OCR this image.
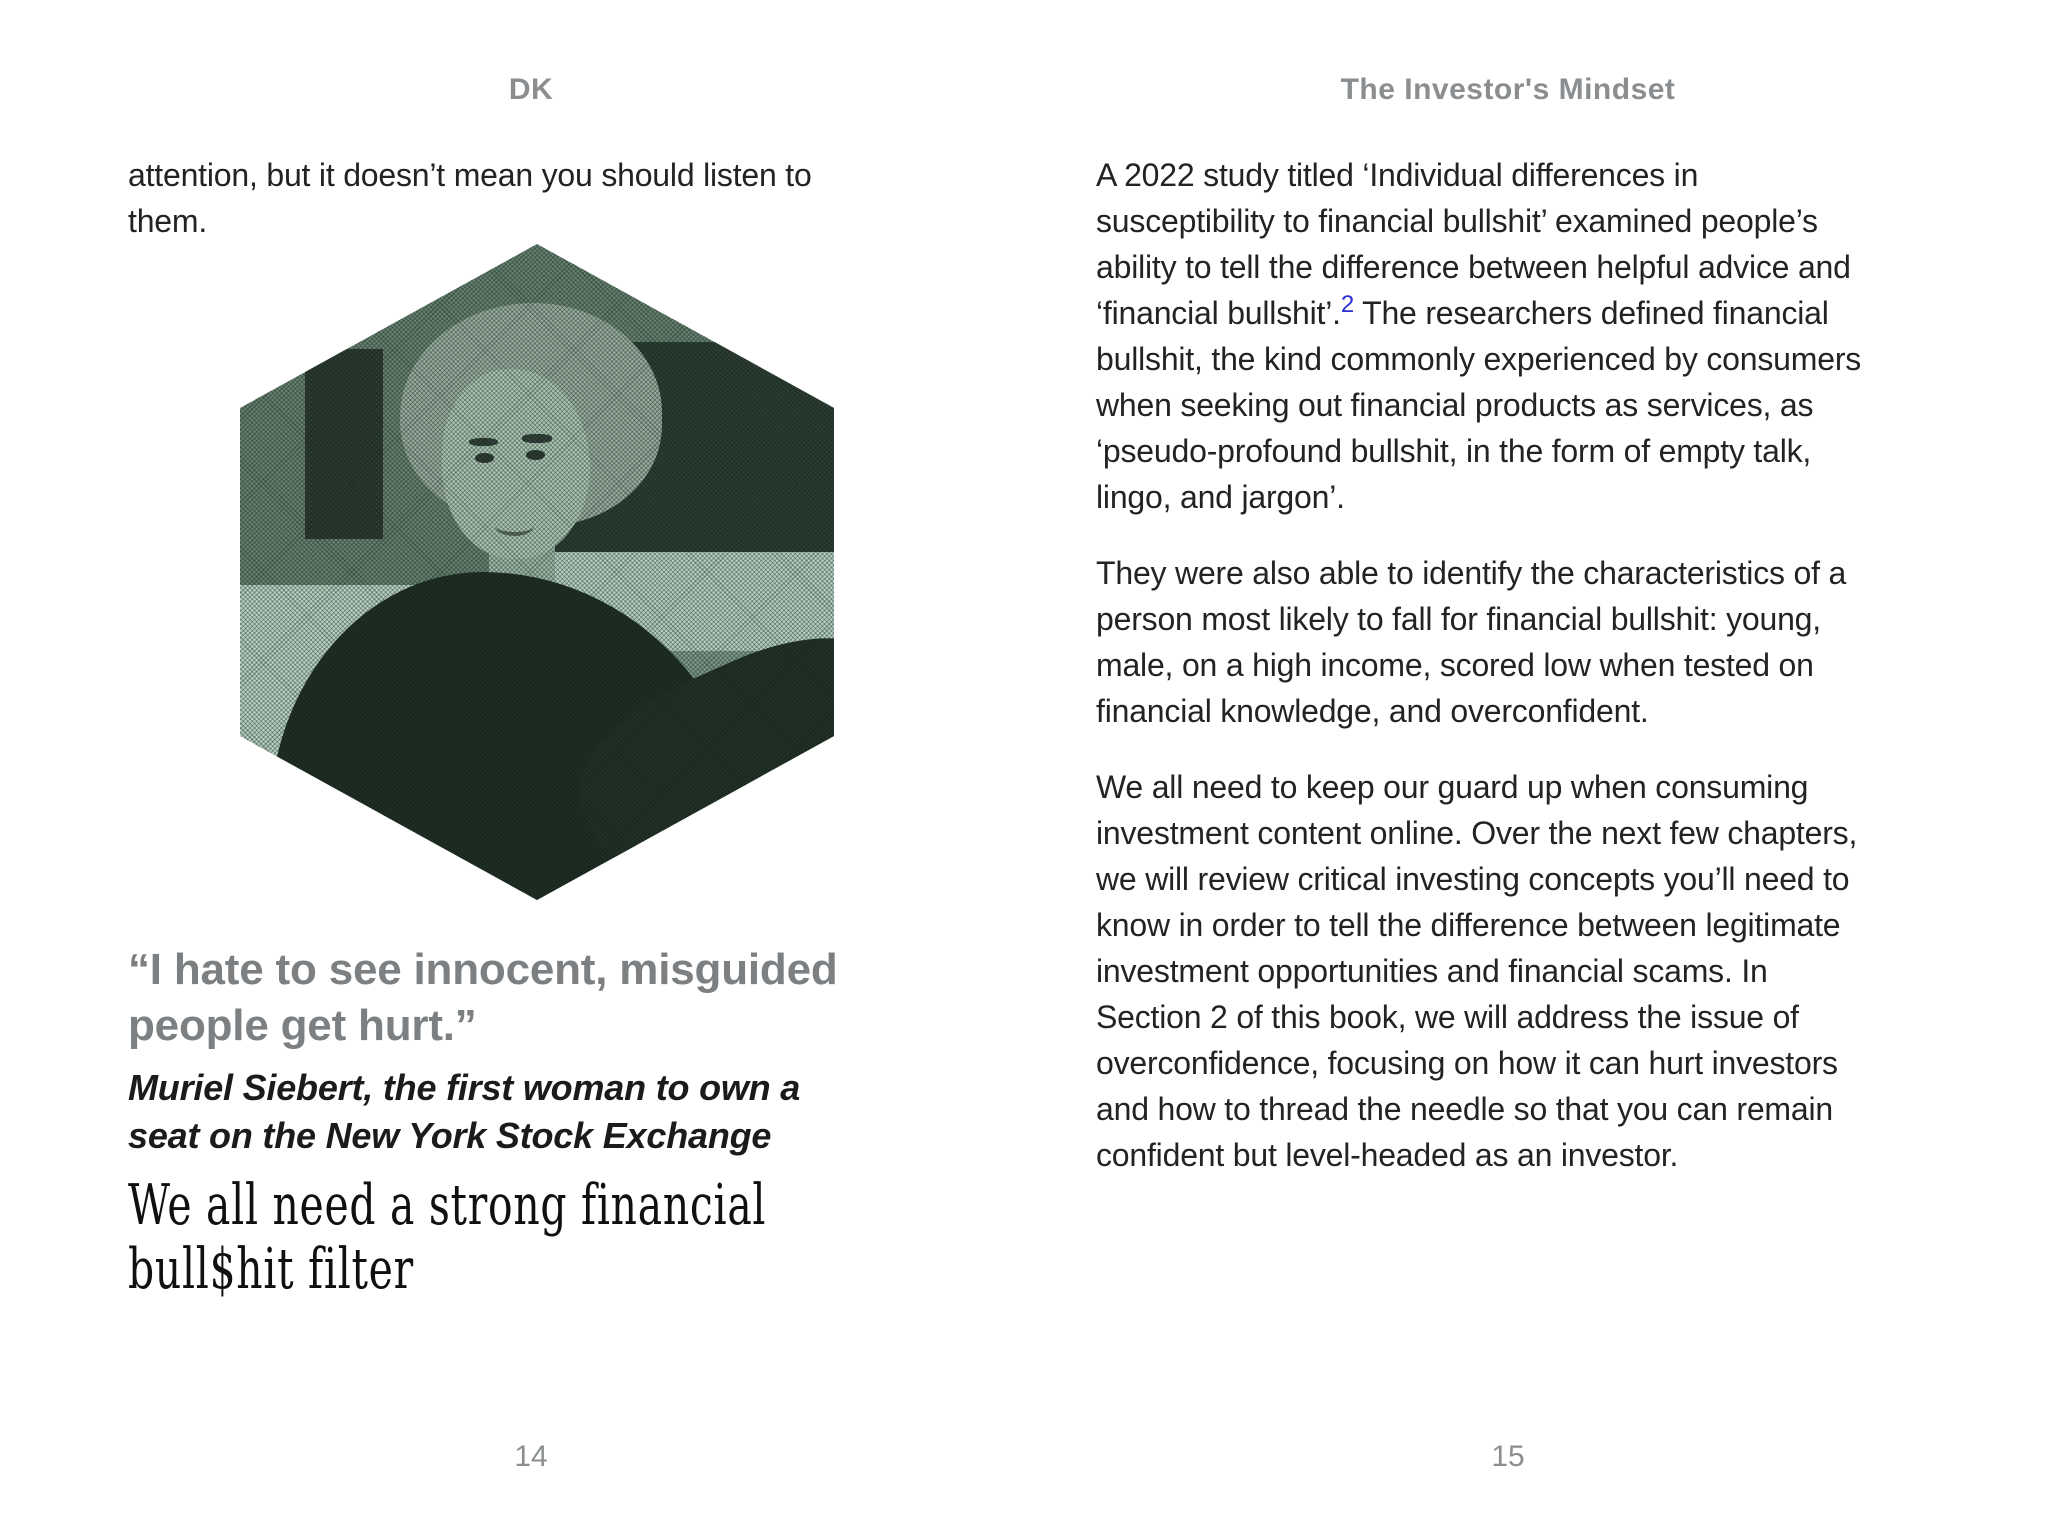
DK

attention, but it doesn’t mean you should listen to them.

“I hate to see innocent, misguided people get hurt.”

Muriel Siebert, the first woman to own a seat on the New York Stock Exchange

We all need a strong financial bull$hit filter
14
The Investor's Mindset

A 2022 study titled ‘Individual differences in susceptibility to financial bullshit’ examined people’s ability to tell the difference between helpful advice and ‘financial bullshit’.$^2$ The researchers defined financial bullshit, the kind commonly experienced by consumers when seeking out financial products as services, as ‘pseudo-profound bullshit, in the form of empty talk, lingo, and jargon’.

They were also able to identify the characteristics of a person most likely to fall for financial bullshit: young, male, on a high income, scored low when tested on financial knowledge, and overconfident.

We all need to keep our guard up when consuming investment content online. Over the next few chapters, we will review critical investing concepts you’ll need to know in order to tell the difference between legitimate investment opportunities and financial scams. In Section 2 of this book, we will address the issue of overconfidence, focusing on how it can hurt investors and how to thread the needle so that you can remain confident but level-headed as an investor.

15
